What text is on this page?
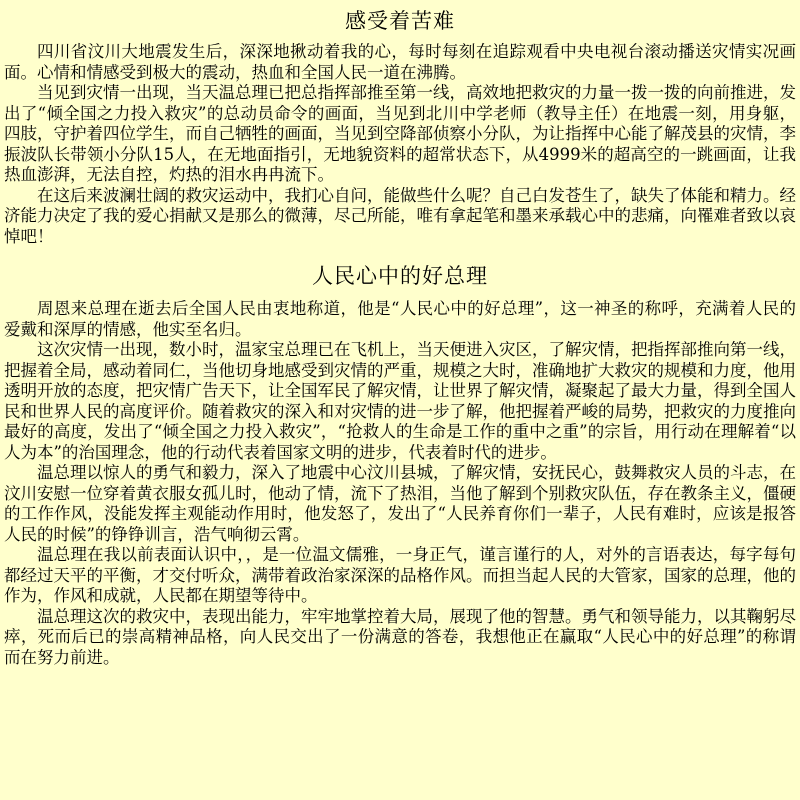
感受着苦难

四川省汶川大地震发生后，深深地揪动着我的心，每时每刻在追踪观看中央电视台滚动播送灾情实况画面。心情和情感受到极大的震动，热血和全国人民一道在沸腾。

当见到灾情一出现，当天温总理已把总指挥部推至第一线，高效地把救灾的力量一拨一拨的向前推进，发出了“倾全国之力投入救灾”的总动员命令的画面，当见到北川中学老师（教导主任）在地震一刻，用身躯，四肢，守护着四位学生，而自己牺牲的画面，当见到空降部侦察小分队，为让指挥中心能了解茂县的灾情，李振波队长带领小分队15人，在无地面指引，无地貌资料的超常状态下，从4999米的超高空的一跳画面，让我热血澎湃，无法自控，灼热的泪水冉冉流下。

在这后来波澜壮阔的救灾运动中，我扪心自问，能做些什么呢？自己白发苍生了，缺失了体能和精力。经济能力决定了我的爱心捐献又是那么的微薄，尽己所能，唯有拿起笔和墨来承载心中的悲痛，向罹难者致以哀悼吧！

人民心中的好总理

周恩来总理在逝去后全国人民由衷地称道，他是“人民心中的好总理”，这一神圣的称呼，充满着人民的爱戴和深厚的情感，他实至名归。

这次灾情一出现，数小时，温家宝总理已在飞机上，当天便进入灾区，了解灾情，把指挥部推向第一线，把握着全局，感动着同仁，当他切身地感受到灾情的严重，规模之大时，准确地扩大救灾的规模和力度，他用透明开放的态度，把灾情广告天下，让全国军民了解灾情，让世界了解灾情，凝聚起了最大力量，得到全国人民和世界人民的高度评价。随着救灾的深入和对灾情的进一步了解，他把握着严峻的局势，把救灾的力度推向最好的高度，发出了“倾全国之力投入救灾”，“抢救人的生命是工作的重中之重”的宗旨，用行动在理解着“以人为本”的治国理念，他的行动代表着国家文明的进步，代表着时代的进步。

温总理以惊人的勇气和毅力，深入了地震中心汶川县城，了解灾情，安抚民心，鼓舞救灾人员的斗志，在汶川安慰一位穿着黄衣服女孤儿时，他动了情，流下了热泪，当他了解到个别救灾队伍，存在教条主义，僵硬的工作作风，没能发挥主观能动作用时，他发怒了，发出了“人民养育你们一辈子，人民有难时，应该是报答人民的时候”的铮铮训言，浩气响彻云霄。

温总理在我以前表面认识中，，是一位温文儒雅，一身正气，谨言谨行的人，对外的言语表达，每字每句都经过天平的平衡，才交付听众，满带着政治家深深的品格作风。而担当起人民的大管家，国家的总理，他的作为，作风和成就，人民都在期望等待中。

温总理这次的救灾中，表现出能力，牢牢地掌控着大局，展现了他的智慧。勇气和领导能力，以其鞠躬尽瘁，死而后已的崇高精神品格，向人民交出了一份满意的答卷，我想他正在赢取“人民心中的好总理”的称谓而在努力前进。
